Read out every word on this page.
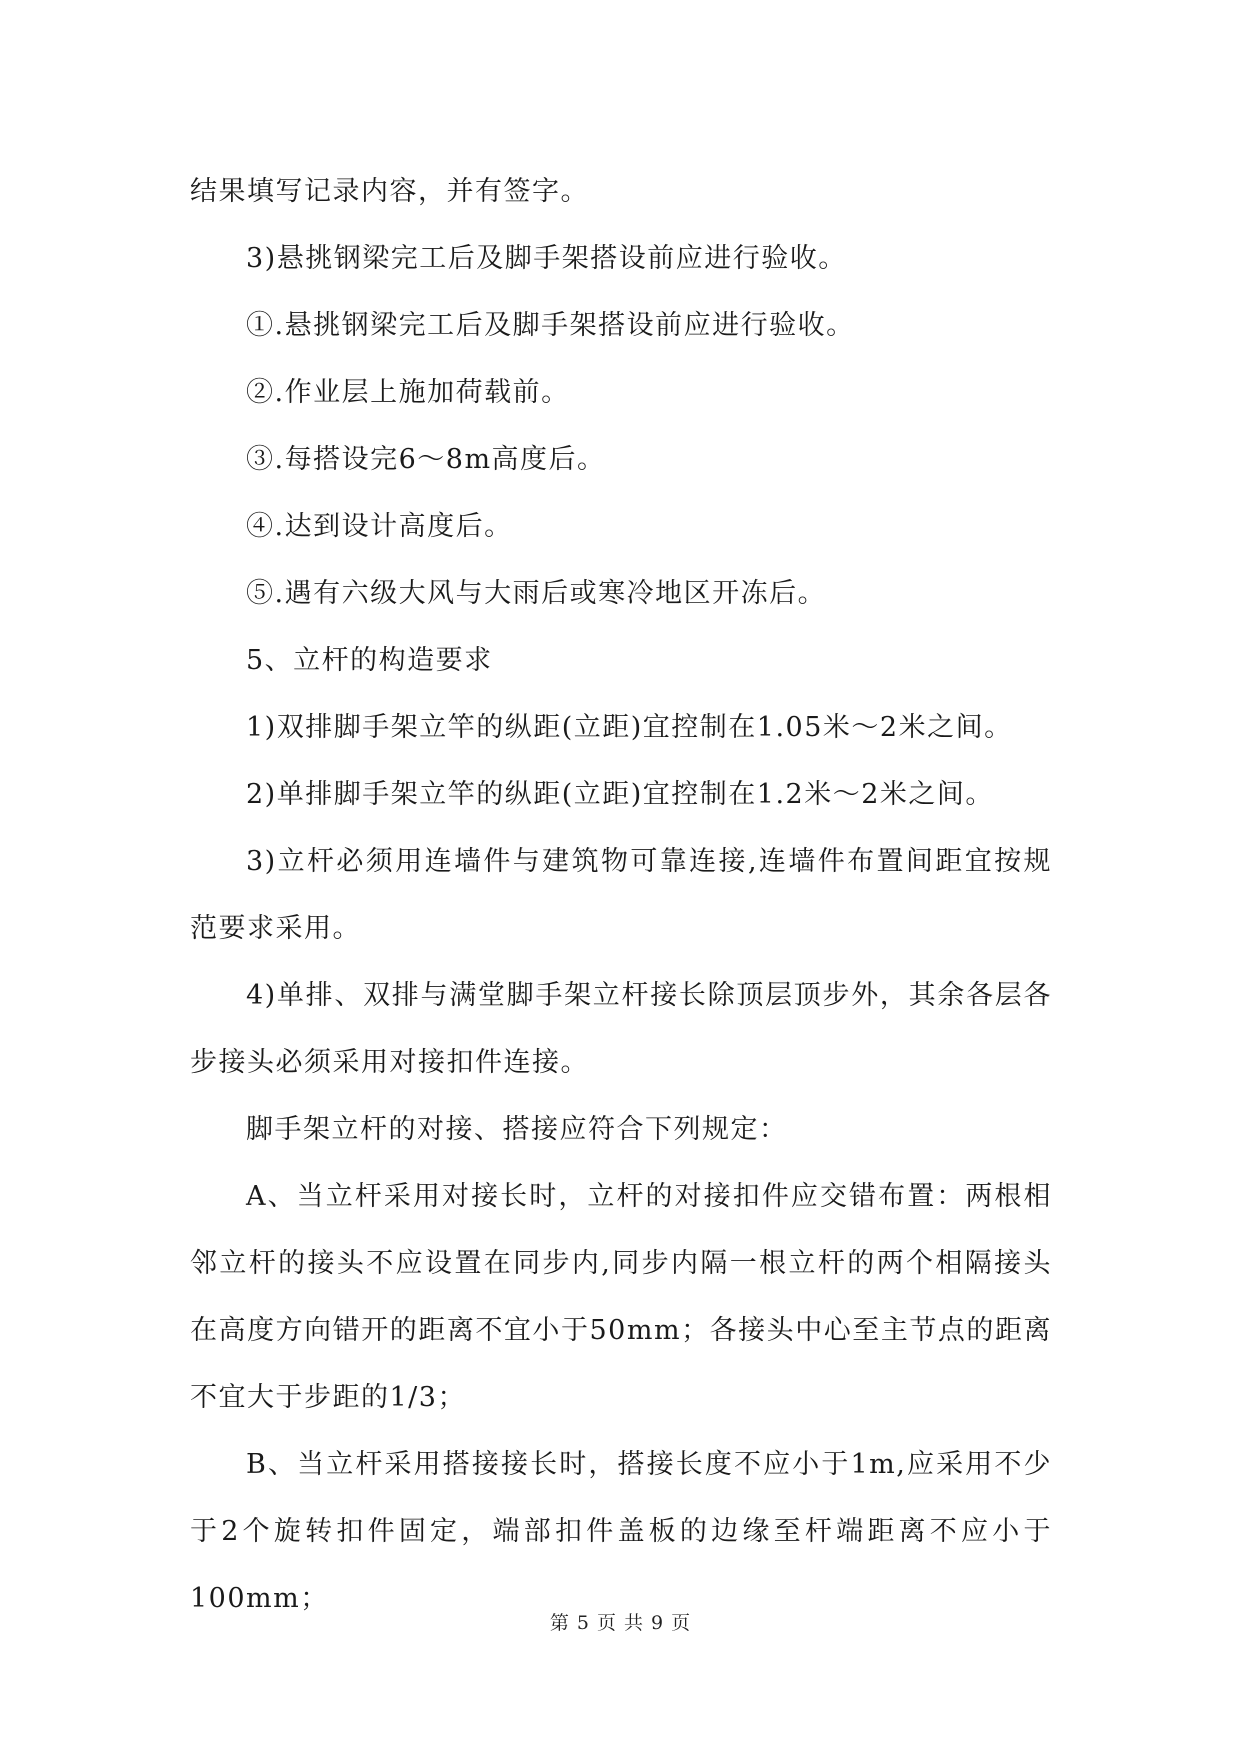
结果填写记录内容，并有签字。
3)悬挑钢梁完工后及脚手架搭设前应进行验收。
①.悬挑钢梁完工后及脚手架搭设前应进行验收。
②.作业层上施加荷载前。
③.每搭设完6～8m高度后。
④.达到设计高度后。
⑤.遇有六级大风与大雨后或寒冷地区开冻后。
5、立杆的构造要求
1)双排脚手架立竿的纵距(立距)宜控制在1.05米～2米之间。
2)单排脚手架立竿的纵距(立距)宜控制在1.2米～2米之间。
3)立杆必须用连墙件与建筑物可靠连接,连墙件布置间距宜按规
范要求采用。
4)单排、双排与满堂脚手架立杆接长除顶层顶步外，其余各层各
步接头必须采用对接扣件连接。
脚手架立杆的对接、搭接应符合下列规定：
A、当立杆采用对接长时，立杆的对接扣件应交错布置：两根相
邻立杆的接头不应设置在同步内,同步内隔一根立杆的两个相隔接头
在高度方向错开的距离不宜小于50mm；各接头中心至主节点的距离
不宜大于步距的1/3；
B、当立杆采用搭接接长时，搭接长度不应小于1m,应采用不少
于2个旋转扣件固定，端部扣件盖板的边缘至杆端距离不应小于
100mm；
第 5 页 共 9 页
